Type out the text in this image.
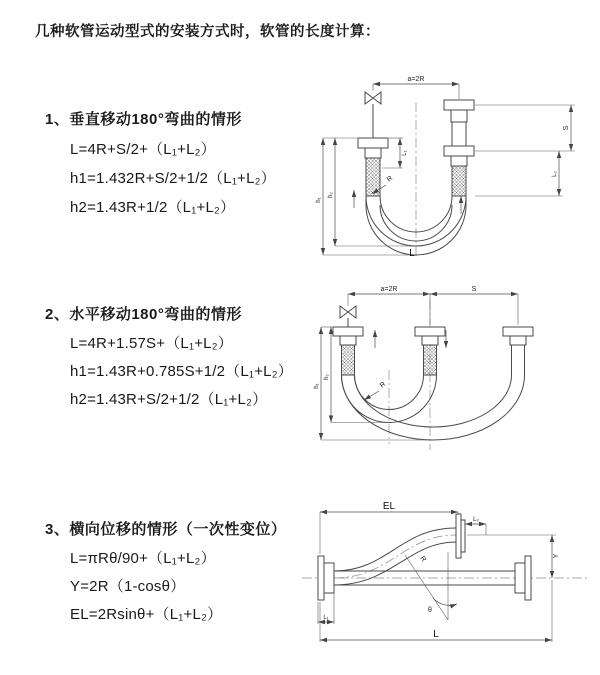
几种软管运动型式的安装方式时，软管的长度计算：
1、垂直移动180°弯曲的情形
L=4R+S/2+（L₁+L₂）
h1=1.432R+S/2+1/2（L₁+L₂）
h2=1.43R+1/2（L₁+L₂）
a=2R
h₁
h₂
L₁
S
L₂
R
L
2、水平移动180°弯曲的情形
L=4R+1.57S+（L₁+L₂）
h1=1.43R+0.785S+1/2（L₁+L₂）
h2=1.43R+S/2+1/2（L₁+L₂）
a=2R	S
h₁
h₂
R
3、横向位移的情形（一次性变位）
L=πRθ/90+（L₁+L₂）
Y=2R（1-cosθ）
EL=2Rsinθ+（L₁+L₂）
EL
L₂
Y
θ
R
L₁
L
